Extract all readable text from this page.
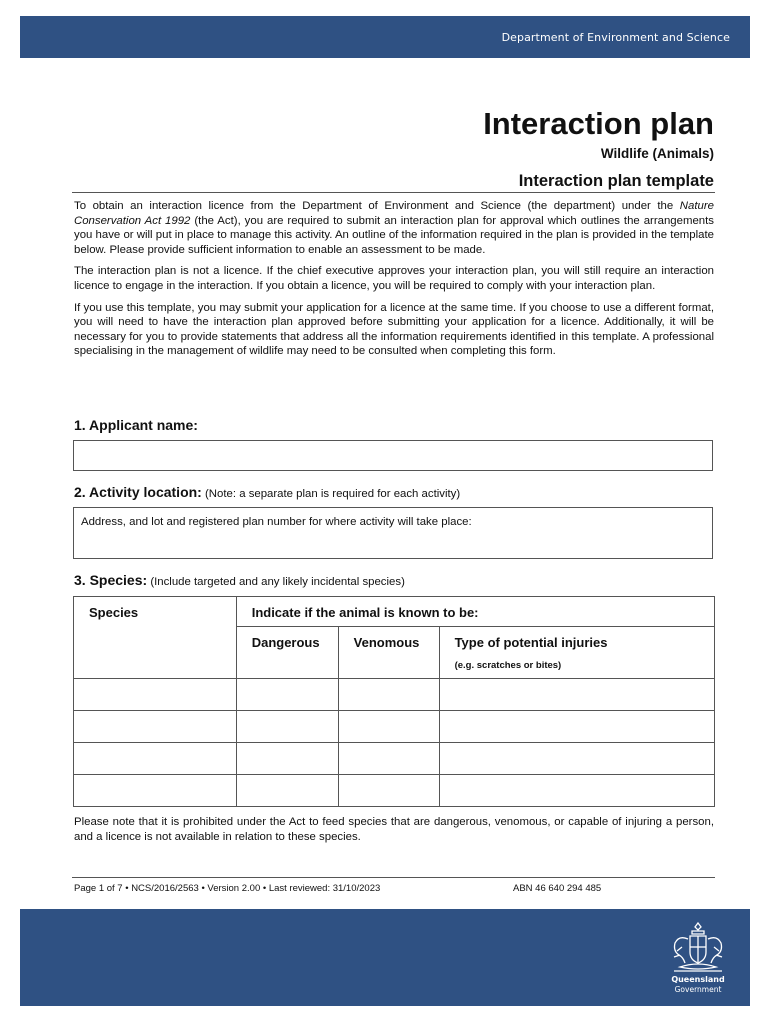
Department of Environment and Science
Interaction plan
Wildlife (Animals)
Interaction plan template

To obtain an interaction licence from the Department of Environment and Science (the department) under the Nature Conservation Act 1992 (the Act), you are required to submit an interaction plan for approval which outlines the arrangements you have or will put in place to manage this activity. An outline of the information required in the plan is provided in the template below. Please provide sufficient information to enable an assessment to be made.

The interaction plan is not a licence. If the chief executive approves your interaction plan, you will still require an interaction licence to engage in the interaction. If you obtain a licence, you will be required to comply with your interaction plan.

If you use this template, you may submit your application for a licence at the same time. If you choose to use a different format, you will need to have the interaction plan approved before submitting your application for a licence. Additionally, it will be necessary for you to provide statements that address all the information requirements identified in this template. A professional specialising in the management of wildlife may need to be consulted when completing this form.

1. Applicant name:
2. Activity location: (Note: a separate plan is required for each activity)
Address, and lot and registered plan number for where activity will take place:
3. Species: (Include targeted and any likely incidental species)
Species	Indicate if the animal is known to be:		
	Dangerous	Venomous	Type of potential injuries
(e.g. scratches or bites)

Please note that it is prohibited under the Act to feed species that are dangerous, venomous, or capable of injuring a person, and a licence is not available in relation to these species.
Page 1 of 7 • NCS/2016/2563 • Version 2.00 • Last reviewed: 31/10/2023	ABN 46 640 294 485
Queensland
Government
